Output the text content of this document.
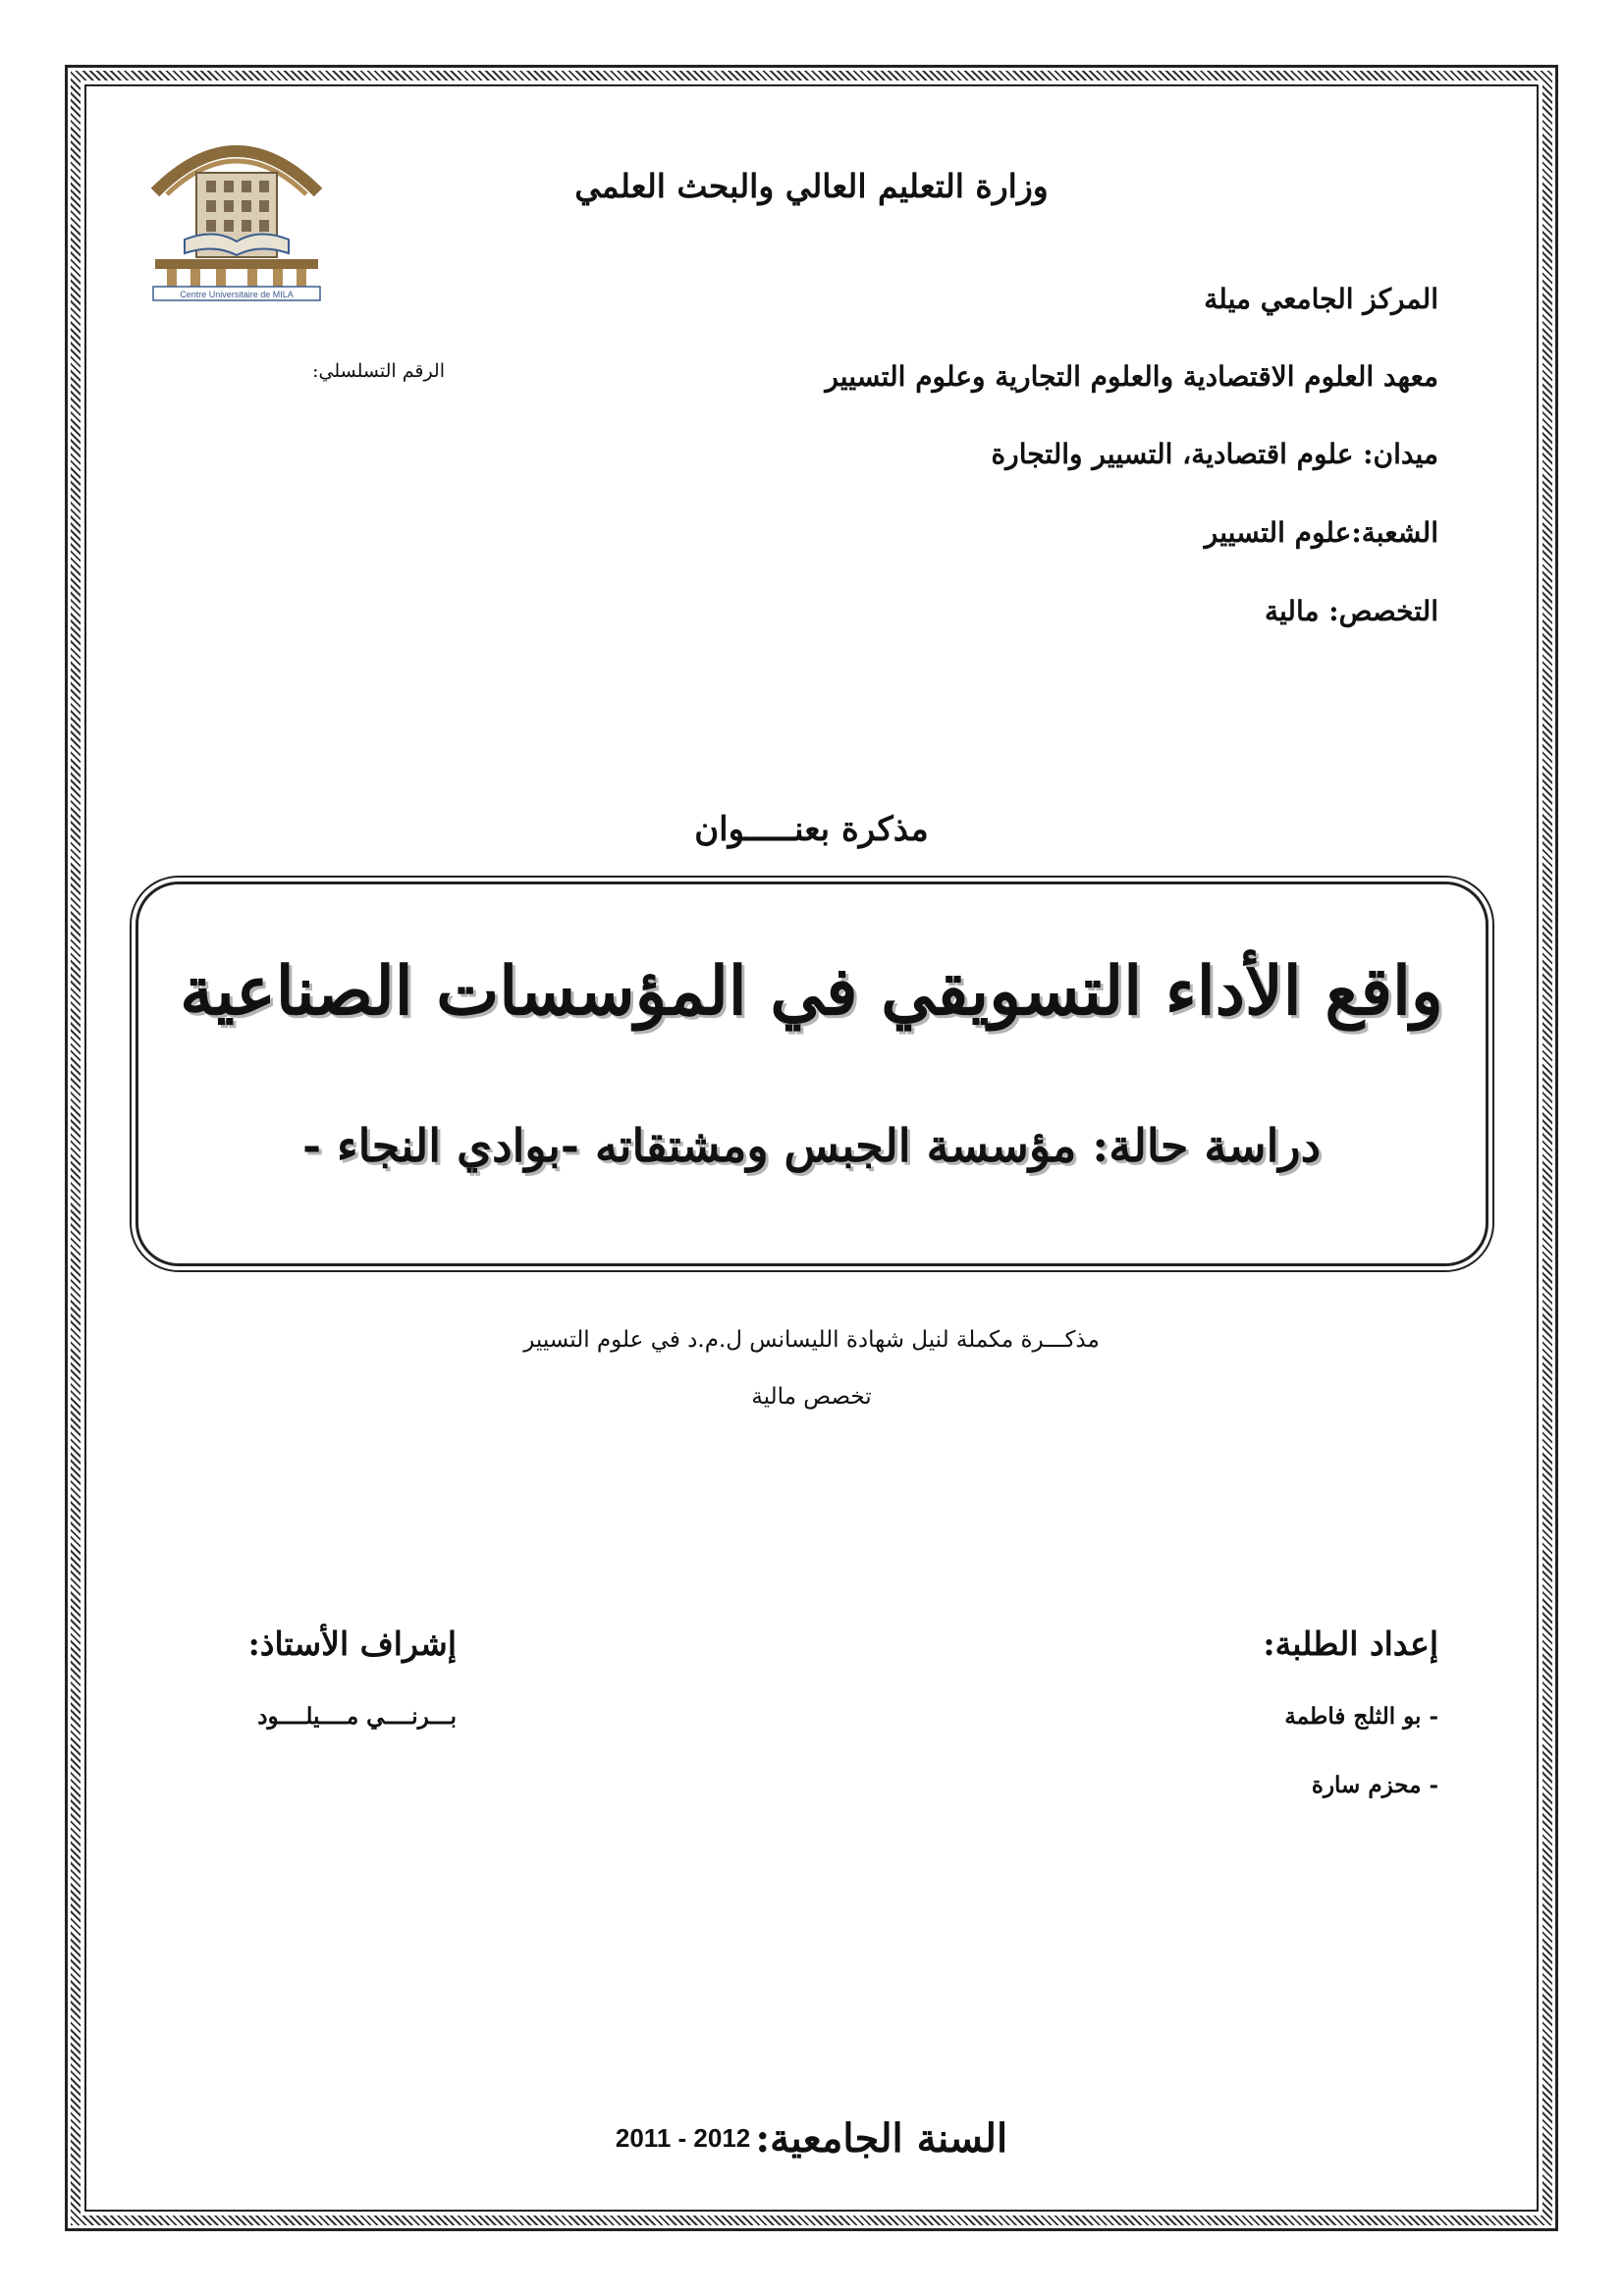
Centre Universitaire de MILA
وزارة التعليم العالي والبحث العلمي
المركز الجامعي ميلة
معهد العلوم الاقتصادية والعلوم التجارية وعلوم التسيير
الرقم التسلسلي:
ميدان: علوم اقتصادية، التسيير والتجارة
الشعبة:علوم التسيير
التخصص: مالية
مذكرة بعنـــــوان
واقع الأداء التسويقي في المؤسسات الصناعية
دراسة حالة: مؤسسة الجبس ومشتقاته -بوادي النجاء -
مذكـــرة مكملة لنيل شهادة الليسانس ل.م.د في علوم التسيير
تخصص مالية
إعداد الطلبة:
- بو الثلج فاطمة
- محزم سارة
إشراف الأستاذ:
بـــرنــــي مــــيلــــود
2011 - 2012 السنة الجامعية:
